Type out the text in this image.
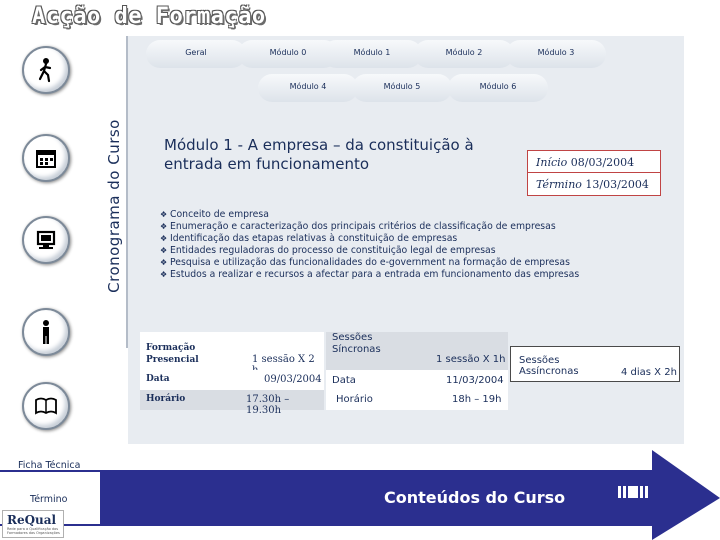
Acção de Formação
Cronograma do Curso
Geral	Módulo 0	Módulo 1	Módulo 2	Módulo 3
Módulo 4	Módulo 5	Módulo 6
Módulo 1 - A empresa – da constituição à entrada em funcionamento	Início 08/03/2004
Término 13/03/2004
❖ Conceito de empresa
❖ Enumeração e caracterização dos principais critérios de classificação de empresas
❖ Identificação das etapas relativas à constituição de empresas
❖ Entidades reguladoras do processo de constituição legal de empresas
❖ Pesquisa e utilização das funcionalidades do e-government na formação de empresas
❖ Estudos a realizar e recursos a afectar para a entrada em funcionamento das empresas
Formação Presencial	1 sessão X 2
Data	09/03/2004
Horário	17.30h – 19.30h
Sessões Síncronas
1 sessão X 1h
Data	11/03/2004
Horário	18h – 19h
Sessões Assíncronas	4 dias X 2h
Ficha Técnica
Término
ReQual
Rede para a Qualificação dos Formadores das Organizações
Conteúdos do Curso
